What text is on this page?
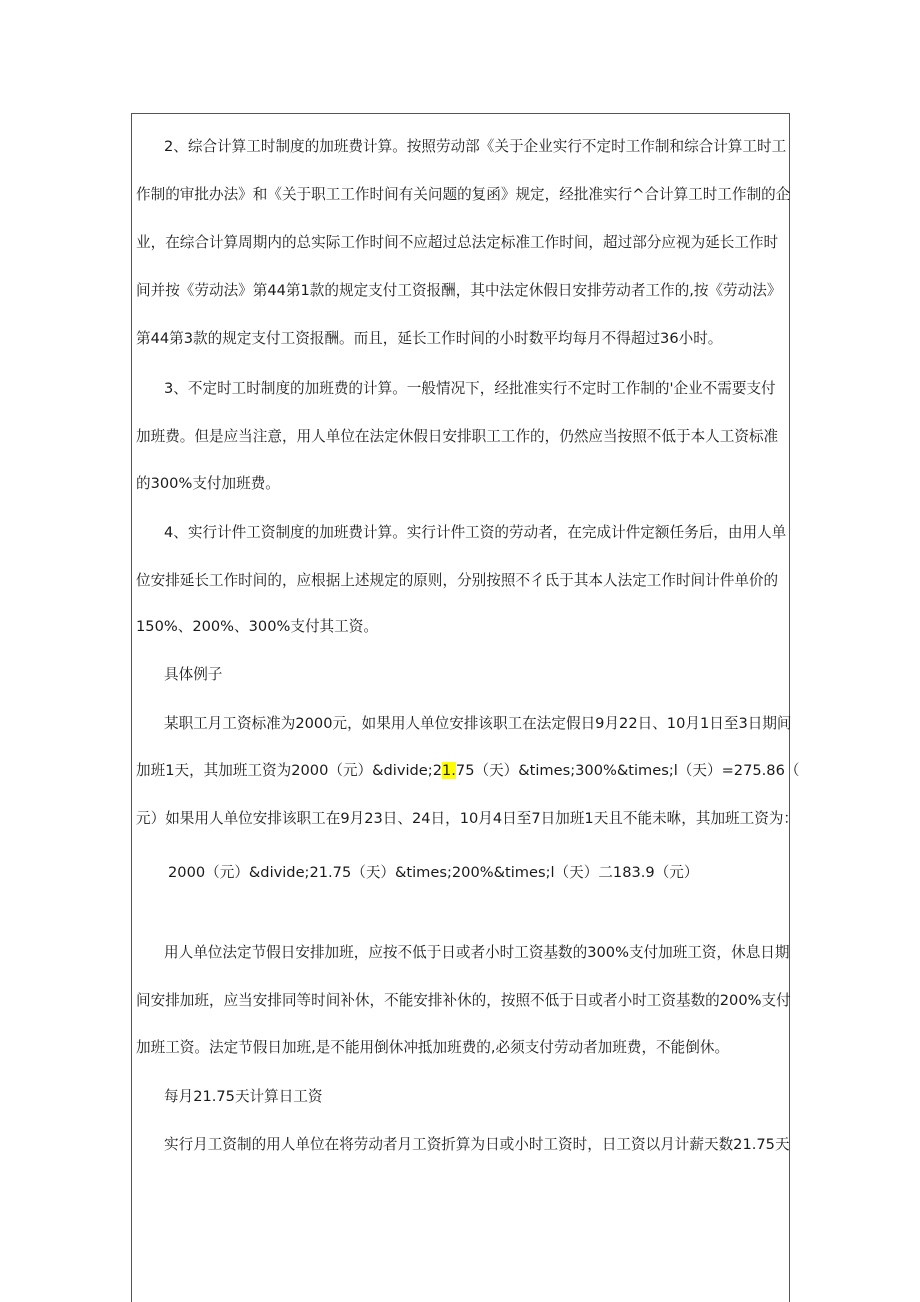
2、综合计算工时制度的加班费计算。按照劳动部《关于企业实行不定时工作制和综合计算工时工
作制的审批办法》和《关于职工工作时间有关问题的复函》规定，经批准实行^合计算工时工作制的企
业，在综合计算周期内的总实际工作时间不应超过总法定标准工作时间，超过部分应视为延长工作时
间并按《劳动法》第44第1款的规定支付工资报酬，其中法定休假日安排劳动者工作的,按《劳动法》
第44第3款的规定支付工资报酬。而且，延长工作时间的小时数平均每月不得超过36小时。
3、不定时工时制度的加班费的计算。一般情况下，经批准实行不定时工作制的'企业不需要支付
加班费。但是应当注意，用人单位在法定休假日安排职工工作的，仍然应当按照不低于本人工资标准
的300%支付加班费。
4、实行计件工资制度的加班费计算。实行计件工资的劳动者，在完成计件定额任务后，由用人单
位安排延长工作时间的，应根据上述规定的原则，分别按照不彳氐于其本人法定工作时间计件单价的
150%、200%、300%支付其工资。
具体例子
某职工月工资标准为2000元，如果用人单位安排该职工在法定假日9月22日、10月1日至3日期间
加班1天，其加班工资为2000（元）&divide;21.75（天）&times;300%&times;l（天）=275.86（
元）如果用人单位安排该职工在9月23日、24日，10月4日至7日加班1天且不能未咻，其加班工资为：
2000（元）&divide;21.75（天）&times;200%&times;l（天）二183.9（元）
用人单位法定节假日安排加班，应按不低于日或者小时工资基数的300%支付加班工资，休息日期
间安排加班，应当安排同等时间补休，不能安排补休的，按照不低于日或者小时工资基数的200%支付
加班工资。法定节假日加班,是不能用倒休冲抵加班费的,必须支付劳动者加班费，不能倒休。
每月21.75天计算日工资
实行月工资制的用人单位在将劳动者月工资折算为日或小时工资时，日工资以月计薪天数21.75天
